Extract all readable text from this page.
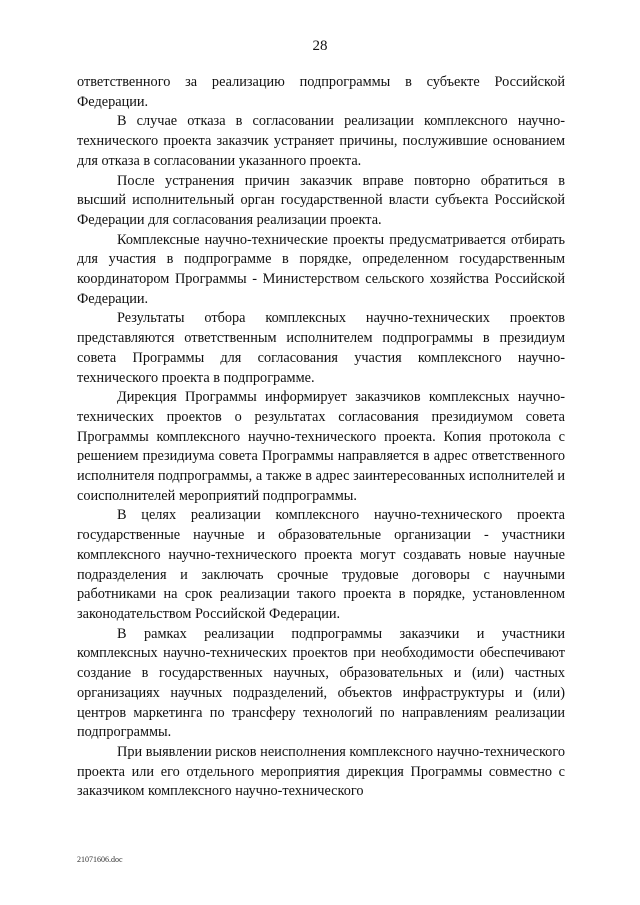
28

ответственного за реализацию подпрограммы в субъекте Российской Федерации.

В случае отказа в согласовании реализации комплексного научно-технического проекта заказчик устраняет причины, послужившие основанием для отказа в согласовании указанного проекта.

После устранения причин заказчик вправе повторно обратиться в высший исполнительный орган государственной власти субъекта Российской Федерации для согласования реализации проекта.

Комплексные научно-технические проекты предусматривается отбирать для участия в подпрограмме в порядке, определенном государственным координатором Программы - Министерством сельского хозяйства Российской Федерации.

Результаты отбора комплексных научно-технических проектов представляются ответственным исполнителем подпрограммы в президиум совета Программы для согласования участия комплексного научно-технического проекта в подпрограмме.

Дирекция Программы информирует заказчиков комплексных научно-технических проектов о результатах согласования президиумом совета Программы комплексного научно-технического проекта. Копия протокола с решением президиума совета Программы направляется в адрес ответственного исполнителя подпрограммы, а также в адрес заинтересованных исполнителей и соисполнителей мероприятий подпрограммы.

В целях реализации комплексного научно-технического проекта государственные научные и образовательные организации - участники комплексного научно-технического проекта могут создавать новые научные подразделения и заключать срочные трудовые договоры с научными работниками на срок реализации такого проекта в порядке, установленном законодательством Российской Федерации.

В рамках реализации подпрограммы заказчики и участники комплексных научно-технических проектов при необходимости обеспечивают создание в государственных научных, образовательных и (или) частных организациях научных подразделений, объектов инфраструктуры и (или) центров маркетинга по трансферу технологий по направлениям реализации подпрограммы.

При выявлении рисков неисполнения комплексного научно-технического проекта или его отдельного мероприятия дирекция Программы совместно с заказчиком комплексного научно-технического

21071606.doc
